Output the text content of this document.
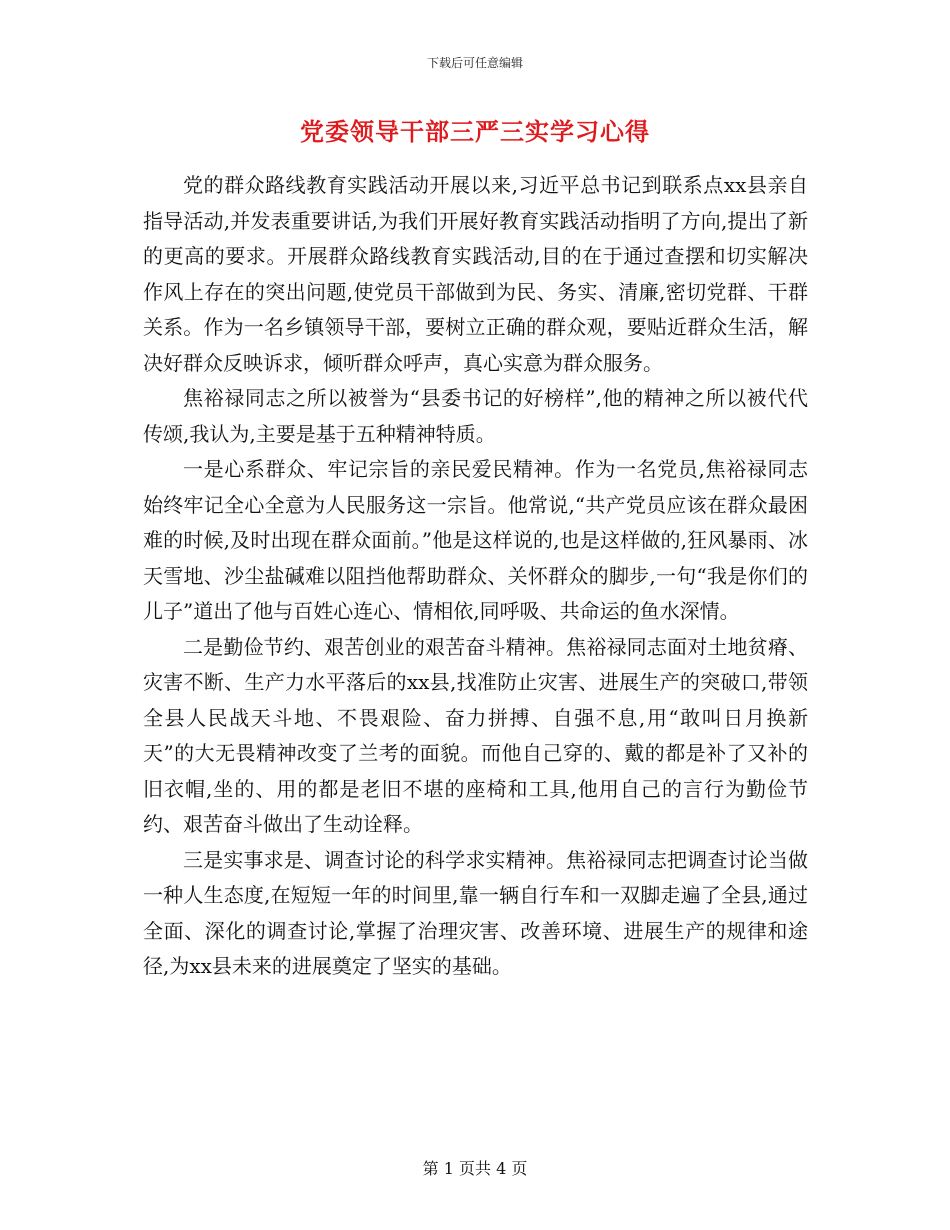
下载后可任意编辑
党委领导干部三严三实学习心得

党的群众路线教育实践活动开展以来,习近平总书记到联系点xx县亲自指导活动,并发表重要讲话,为我们开展好教育实践活动指明了方向,提出了新的更高的要求。开展群众路线教育实践活动,目的在于通过查摆和切实解决作风上存在的突出问题,使党员干部做到为民、务实、清廉,密切党群、干群关系。作为一名乡镇领导干部，要树立正确的群众观，要贴近群众生活，解决好群众反映诉求，倾听群众呼声，真心实意为群众服务。

焦裕禄同志之所以被誉为“县委书记的好榜样”,他的精神之所以被代代传颂,我认为,主要是基于五种精神特质。

一是心系群众、牢记宗旨的亲民爱民精神。作为一名党员,焦裕禄同志始终牢记全心全意为人民服务这一宗旨。他常说,“共产党员应该在群众最困难的时候,及时出现在群众面前。”他是这样说的,也是这样做的,狂风暴雨、冰天雪地、沙尘盐碱难以阻挡他帮助群众、关怀群众的脚步,一句“我是你们的儿子”道出了他与百姓心连心、情相依,同呼吸、共命运的鱼水深情。

二是勤俭节约、艰苦创业的艰苦奋斗精神。焦裕禄同志面对土地贫瘠、灾害不断、生产力水平落后的xx县,找准防止灾害、进展生产的突破口,带领全县人民战天斗地、不畏艰险、奋力拼搏、自强不息,用“敢叫日月换新天”的大无畏精神改变了兰考的面貌。而他自己穿的、戴的都是补了又补的旧衣帽,坐的、用的都是老旧不堪的座椅和工具,他用自己的言行为勤俭节约、艰苦奋斗做出了生动诠释。

三是实事求是、调查讨论的科学求实精神。焦裕禄同志把调查讨论当做一种人生态度,在短短一年的时间里,靠一辆自行车和一双脚走遍了全县,通过全面、深化的调查讨论,掌握了治理灾害、改善环境、进展生产的规律和途径,为xx县未来的进展奠定了坚实的基础。

第 1 页共 4 页
